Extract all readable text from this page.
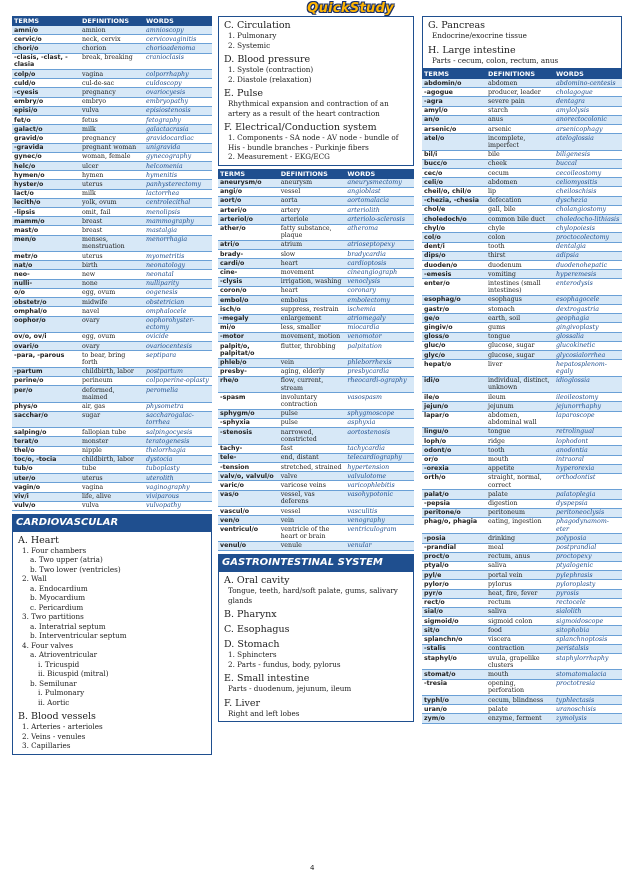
QuickStudy
TERMS	DEFINITIONS	WORDS
amni/o	amnion	amnioscopy
cervic/o	neck, cervix	cervicovaginitis
chori/o	chorion	chorioadenoma
-clasis, -clast, -clasia	break, breaking	cranioclasis
colp/o	vagina	colporrhaphy
culd/o	cul-de-sac	culdoscopy
-cyesis	pregnancy	ovariocyesis
embry/o	embryo	embryopathy
episi/o	vulva	episiostenosis
fet/o	fetus	fetography
galact/o	milk	galactacrasia
gravid/o	pregnancy	gravidocardiac
-gravida	pregnant woman	unigravida
gynec/o	woman, female	gynecography
helc/o	ulcer	helcomenia
hymen/o	hymen	hymenitis
hyster/o	uterus	panhysterectomy
lact/o	milk	lactorrhea
lecith/o	yolk, ovum	centrolecithal
-lipsis	omit, fail	menolipsis
mamm/o	breast	mammography
mast/o	breast	mastalgia
men/o	menses, menstruation	menorrhagia
metr/o	uterus	myometritis
nat/o	birth	neonatology
neo-	new	neonatal
nulli-	none	nulliparity
o/o	egg, ovum	oogenesis
obstetr/o	midwife	obstetrician
omphal/o	navel	omphalocele
oophor/o	ovary	oophorohyster-ectomy
ov/o, ov/i	egg, ovum	ovicide
ovari/o	ovary	ovariocentesis
-para, -parous	to bear, bring forth	septipara
-partum	childbirth, labor	postpartum
perine/o	perineum	colpoperine-oplasty
per/o	deformed, maimed	peromelia
phys/o	air, gas	physometra
sacchar/o	sugar	saccharogalac-torrhea
salping/o	fallopian tube	salpingocyesis
terat/o	monster	teratogenesis
thel/o	nipple	thelorrhagia
toc/o, -tocia	childbirth, labor	dystocia
tub/o	tube	tuboplasty
uter/o	uterus	uterolith
vagin/o	vagina	vaginography
viv/i	life, alive	viviparous
vulv/o	vulva	vulvopathy
CARDIOVASCULAR
A. Heart
1. Four chambers
a. Two upper (atria)
b. Two lower (ventricles)
2. Wall
a. Endocardium
b. Myocardium
c. Pericardium
3. Two partitions
a. Interatrial septum
b. Interventricular septum
4. Four valves
a. Atrioventricular
i. Tricuspid
ii. Bicuspid (mitral)
b. Semilunar
i. Pulmonary
ii. Aortic
B. Blood vessels
1. Arteries - arterioles
2. Veins - venules
3. Capillaries
C. Circulation
1. Pulmonary
2. Systemic
D. Blood pressure
1. Systole (contraction)
2. Diastole (relaxation)
E. Pulse
Rhythmical expansion and contraction of an artery as a result of the heart contraction
F. Electrical/Conduction system
1. Components - SA node - AV node - bundle of His - bundle branches - Purkinje fibers
2. Measurement - EKG/ECG
TERMS	DEFINITIONS	WORDS
aneurysm/o	aneurysm	aneurysmectomy
angi/o	vessel	angioblast
aort/o	aorta	aortomalacia
arteri/o	artery	arteriolith
arteriol/o	arteriole	arteriolo-sclerosis
ather/o	fatty substance, plaque	atheroma
atri/o	atrium	atrioseptopexy
brady-	slow	bradycardia
cardi/o	heart	cardioptosis
cine-	movement	cineangiograph
-clysis	irrigation, washing	venoclysis
coron/o	heart	coronary
embol/o	embolus	embolectomy
isch/o	suppress, restrain	ischemia
-megaly	enlargement	atriomegaly
mi/o	less, smaller	miocardia
-motor	movement, motion	venomotor
palpit/o, palpitat/o	flutter, throbbing	palpitation
phleb/o	vein	phleborrhexis
presby-	aging, elderly	presbycardia
rhe/o	flow, current, stream	rheocardi-ography
-spasm	involuntary contraction	vasospasm
sphygm/o	pulse	sphygmoscope
-sphyxia	pulse	asphyxia
-stenosis	narrowed, constricted	aortostenosis
tachy-	fast	tachycardia
tele-	end, distant	telecardiography
-tension	stretched, strained	hypertension
valv/o, valvul/o	valve	valvulotome
varic/o	varicose veins	varicophlebitis
vas/o	vessel, vas deferens	vasohypotonic
vascul/o	vessel	vasculitis
ven/o	vein	venography
ventricul/o	ventricle of the heart or brain	ventriculogram
venul/o	venule	venular
GASTROINTESTINAL SYSTEM
A. Oral cavity
Tongue, teeth, hard/soft palate, gums, salivary glands
B. Pharynx
C. Esophagus
D. Stomach
1. Sphincters
2. Parts - fundus, body, pylorus
E. Small intestine
Parts - duodenum, jejunum, ileum
F. Liver
Right and left lobes
G. Pancreas
Endocrine/exocrine tissue
H. Large intestine
Parts - cecum, colon, rectum, anus
TERMS	DEFINITIONS	WORDS
abdomin/o	abdomen	abdomino-centesis
-agogue	producer, leader	cholagogue
-agra	severe pain	dentagra
amyl/o	starch	amylolysis
an/o	anus	anorectocolonic
arsenic/o	arsenic	arsenicophagy
atel/o	incomplete, imperfect	ateloglossia
bil/i	bile	biligenesis
bucc/o	cheek	buccal
cec/o	cecum	cecoileostomy
celi/o	abdomen	celiomyositis
cheil/o, chil/o	lip	cheiloschisis
-chezia, -chesia	defecation	dyschezia
chol/e	gall, bile	cholangiostomy
choledoch/o	common bile duct	choledocho-lithiasis
chyl/o	chyle	chylopoiesis
col/o	colon	proctocolectomy
dent/i	tooth	dentalgia
dips/o	thirst	adipsia
duoden/o	duodenum	duodenohepatic
-emesis	vomiting	hyperemesis
enter/o	intestines (small intestines)	enterodysis
esophag/o	esophagus	esophagocele
gastr/o	stomach	dextrogastria
ge/o	earth, soil	geophagia
gingiv/o	gums	gingivoplasty
gloss/o	tongue	glossalia
gluc/o	glucose, sugar	glucokinetic
glyc/o	glucose, sugar	glycosialorrhea
hepat/o	liver	hepatosplenom-egaly
idi/o	individual, distinct, unknown	idioglossia
ile/o	ileum	ileoileostomy
jejun/o	jejunum	jejunorrhaphy
lapar/o	abdomen, abdominal wall	laparoscope
lingu/o	tongue	retrolingual
loph/o	ridge	lophodont
odont/o	tooth	anodontia
or/o	mouth	intraoral
-orexia	appetite	hyperorexia
orth/o	straight, normal, correct	orthodontist
palat/o	palate	palatoplegia
-pepsia	digestion	dyspepsia
peritone/o	peritoneum	peritoneoclysis
phag/o, phagia	eating, ingestion	phagodynamom-eter
-posia	drinking	polyposia
-prandial	meal	postprandial
proct/o	rectum, anus	proctopexy
ptyal/o	saliva	ptyalogenic
pyl/e	portal vein	pylephrasis
pylor/o	pylorus	pyloroplasty
pyr/o	heat, fire, fever	pyrosis
rect/o	rectum	rectocele
sial/o	saliva	sialolith
sigmoid/o	sigmoid colon	sigmoidoscope
sit/o	food	sitophobia
splanchn/o	viscera	splanchnoptosis
-stalis	contraction	peristalsis
staphyl/o	uvula, grapelike clusters	staphylorrhaphy
stomat/o	mouth	stomatomalacia
-tresia	opening, perforation	proctotresia
typhl/o	cecum, blindness	typhlectasis
uran/o	palate	uranoschisis
zym/o	enzyme, ferment	zymolysis
4
